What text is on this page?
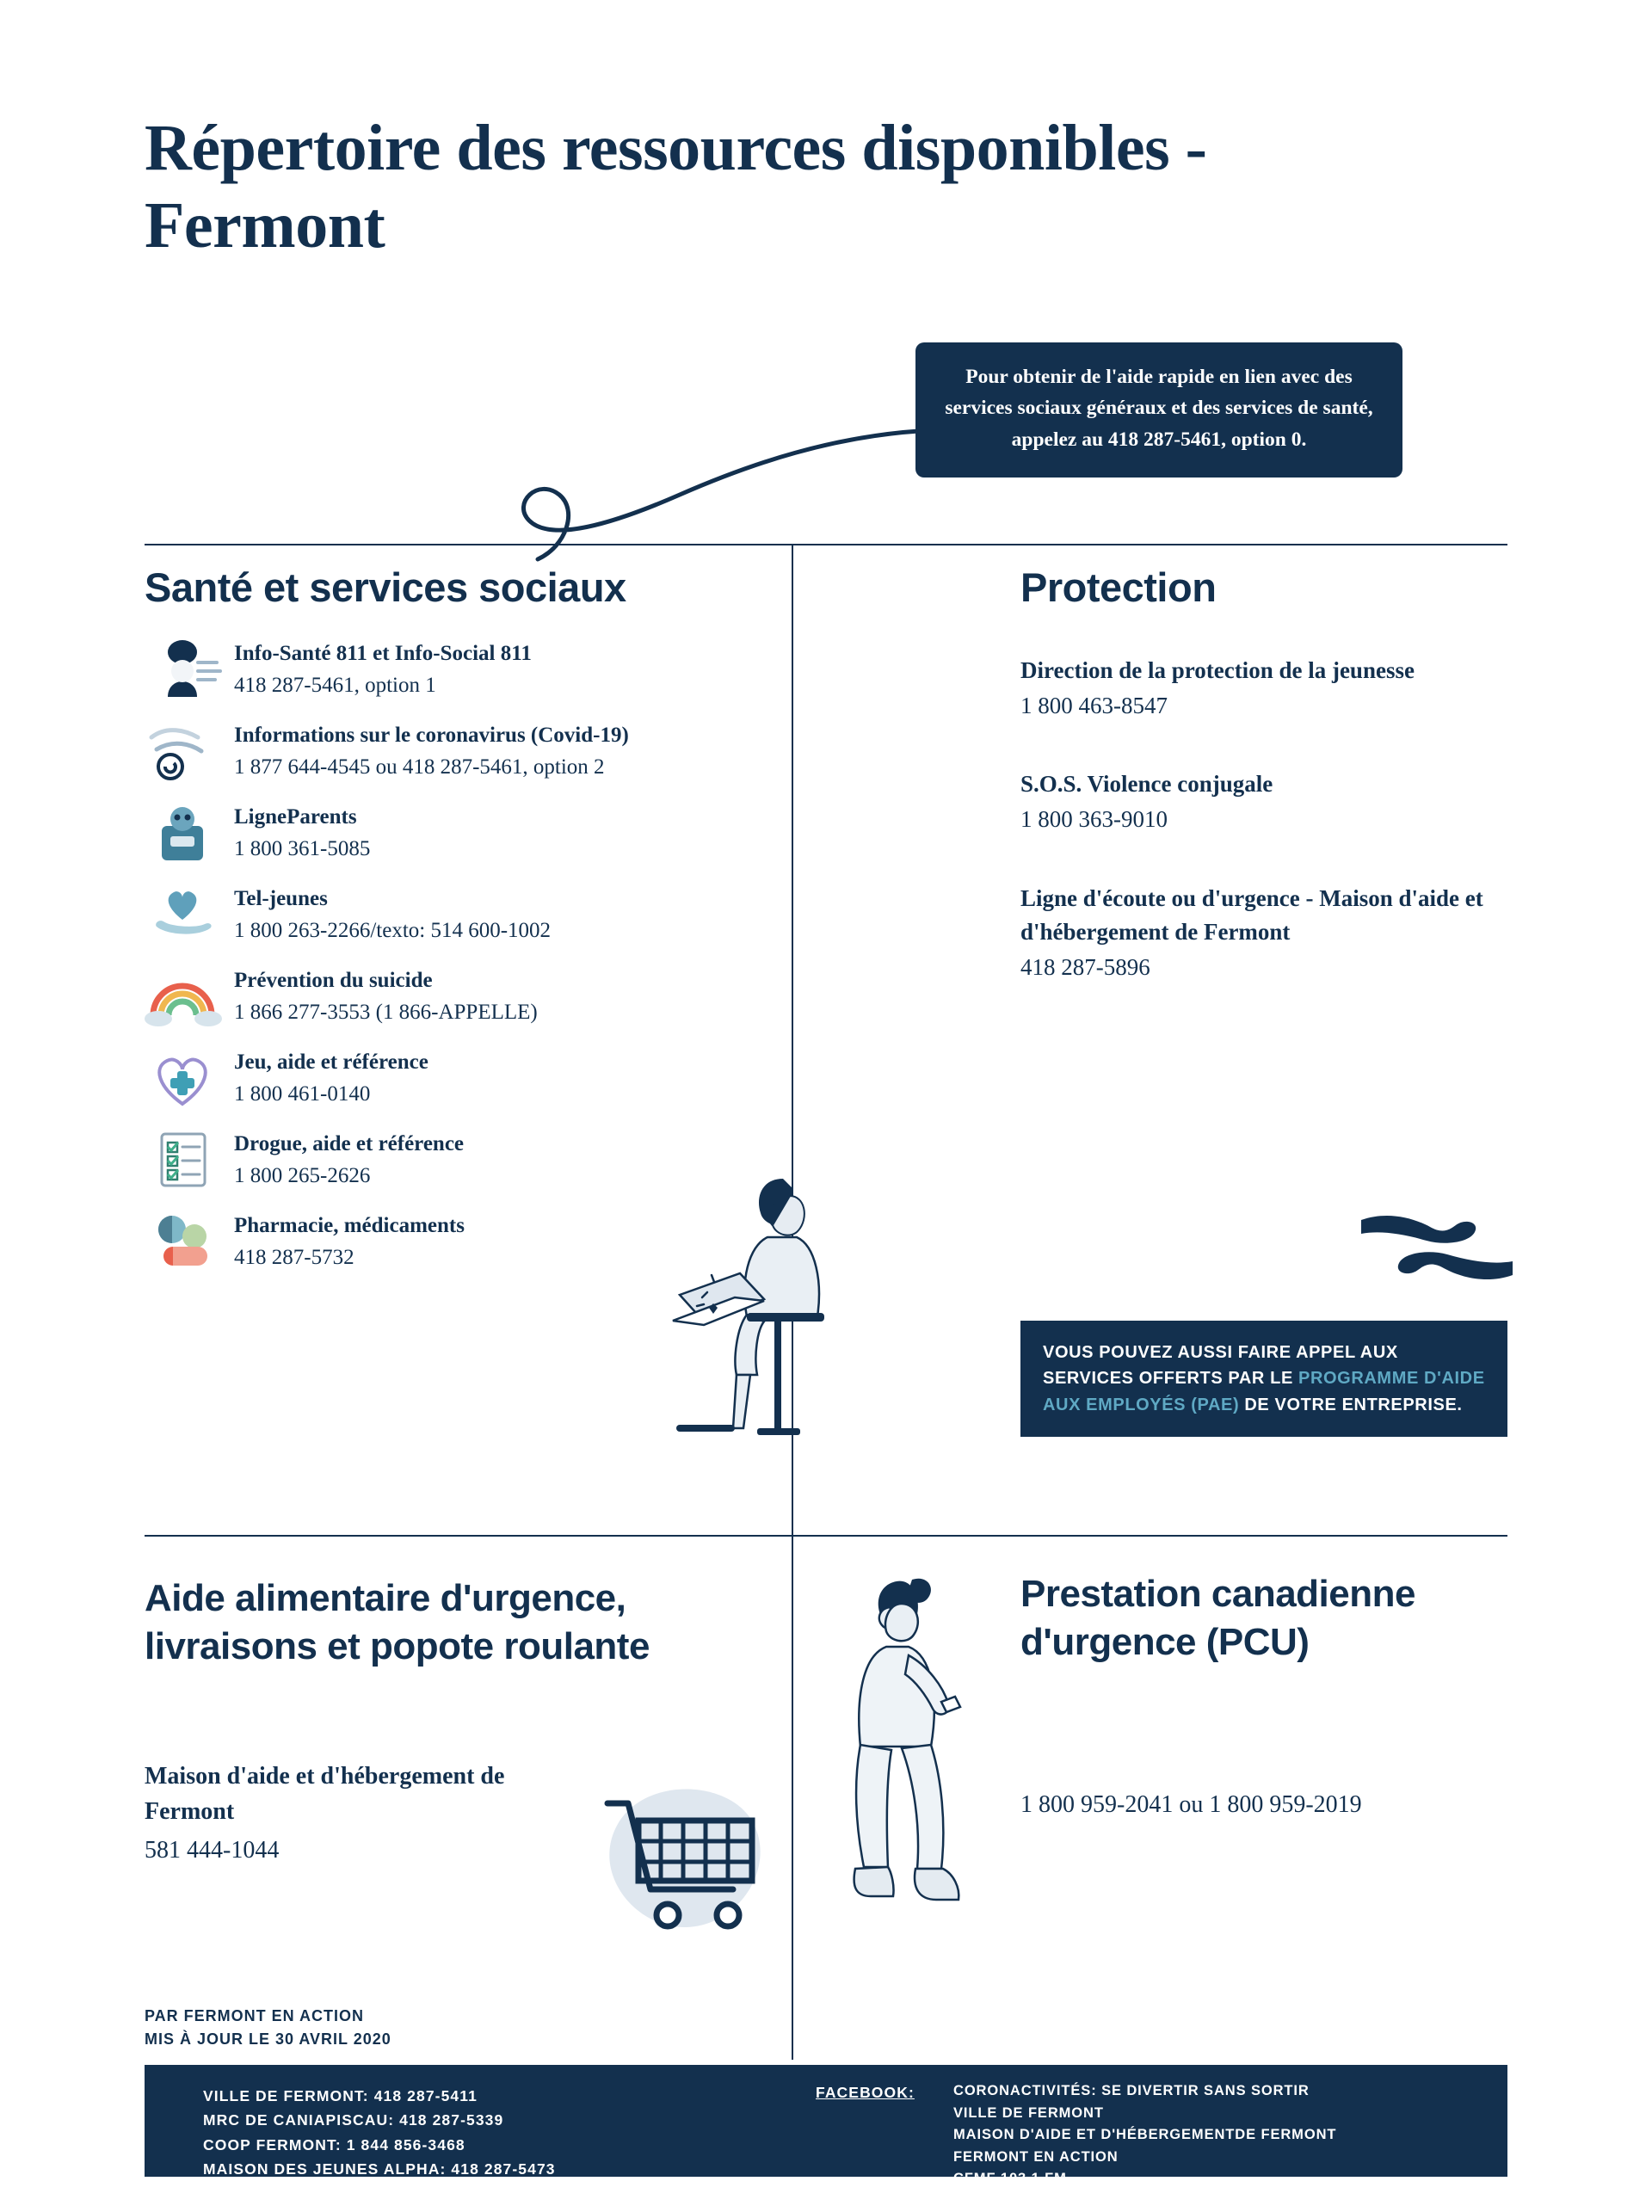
Répertoire des ressources disponibles - Fermont
Pour obtenir de l'aide rapide en lien avec des services sociaux généraux et des services de santé, appelez au 418 287-5461, option 0.
Santé et services sociaux	Protection
Aide alimentaire d'urgence, livraisons et popote roulante
Prestation canadienne d'urgence (PCU)
Info-Santé 811 et Info-Social 811
418 287-5461, option 1
Informations sur le coronavirus (Covid-19)
1 877 644-4545 ou 418 287-5461, option 2
LigneParents
1 800 361-5085
Tel-jeunes
1 800 263-2266/texto: 514 600-1002
Prévention du suicide
1 866 277-3553 (1 866-APPELLE)
Jeu, aide et référence
1 800 461-0140
Drogue, aide et référence
1 800 265-2626
Pharmacie, médicaments
418 287-5732
Direction de la protection de la jeunesse
1 800 463-8547
S.O.S. Violence conjugale
1 800 363-9010
Ligne d'écoute ou d'urgence - Maison d'aide et d'hébergement de Fermont
418 287-5896
VOUS POUVEZ AUSSI FAIRE APPEL AUX SERVICES OFFERTS PAR LE PROGRAMME D'AIDE AUX EMPLOYÉS (PAE) DE VOTRE ENTREPRISE.
Maison d'aide et d'hébergement de Fermont
581 444-1044
1 800 959-2041 ou 1 800 959-2019
PAR FERMONT EN ACTION
MIS À JOUR LE 30 AVRIL 2020
VILLE DE FERMONT: 418 287-5411
MRC DE CANIAPISCAU: 418 287-5339
COOP FERMONT: 1 844 856-3468
MAISON DES JEUNES ALPHA: 418 287-5473
FACEBOOK:	CORONACTIVITÉS: SE DIVERTIR SANS SORTIR
VILLE DE FERMONT
MAISON D'AIDE ET D'HÉBERGEMENTDE FERMONT
FERMONT EN ACTION
CFMF 103,1 FM
MAISON DES JEUNES ALPHA
